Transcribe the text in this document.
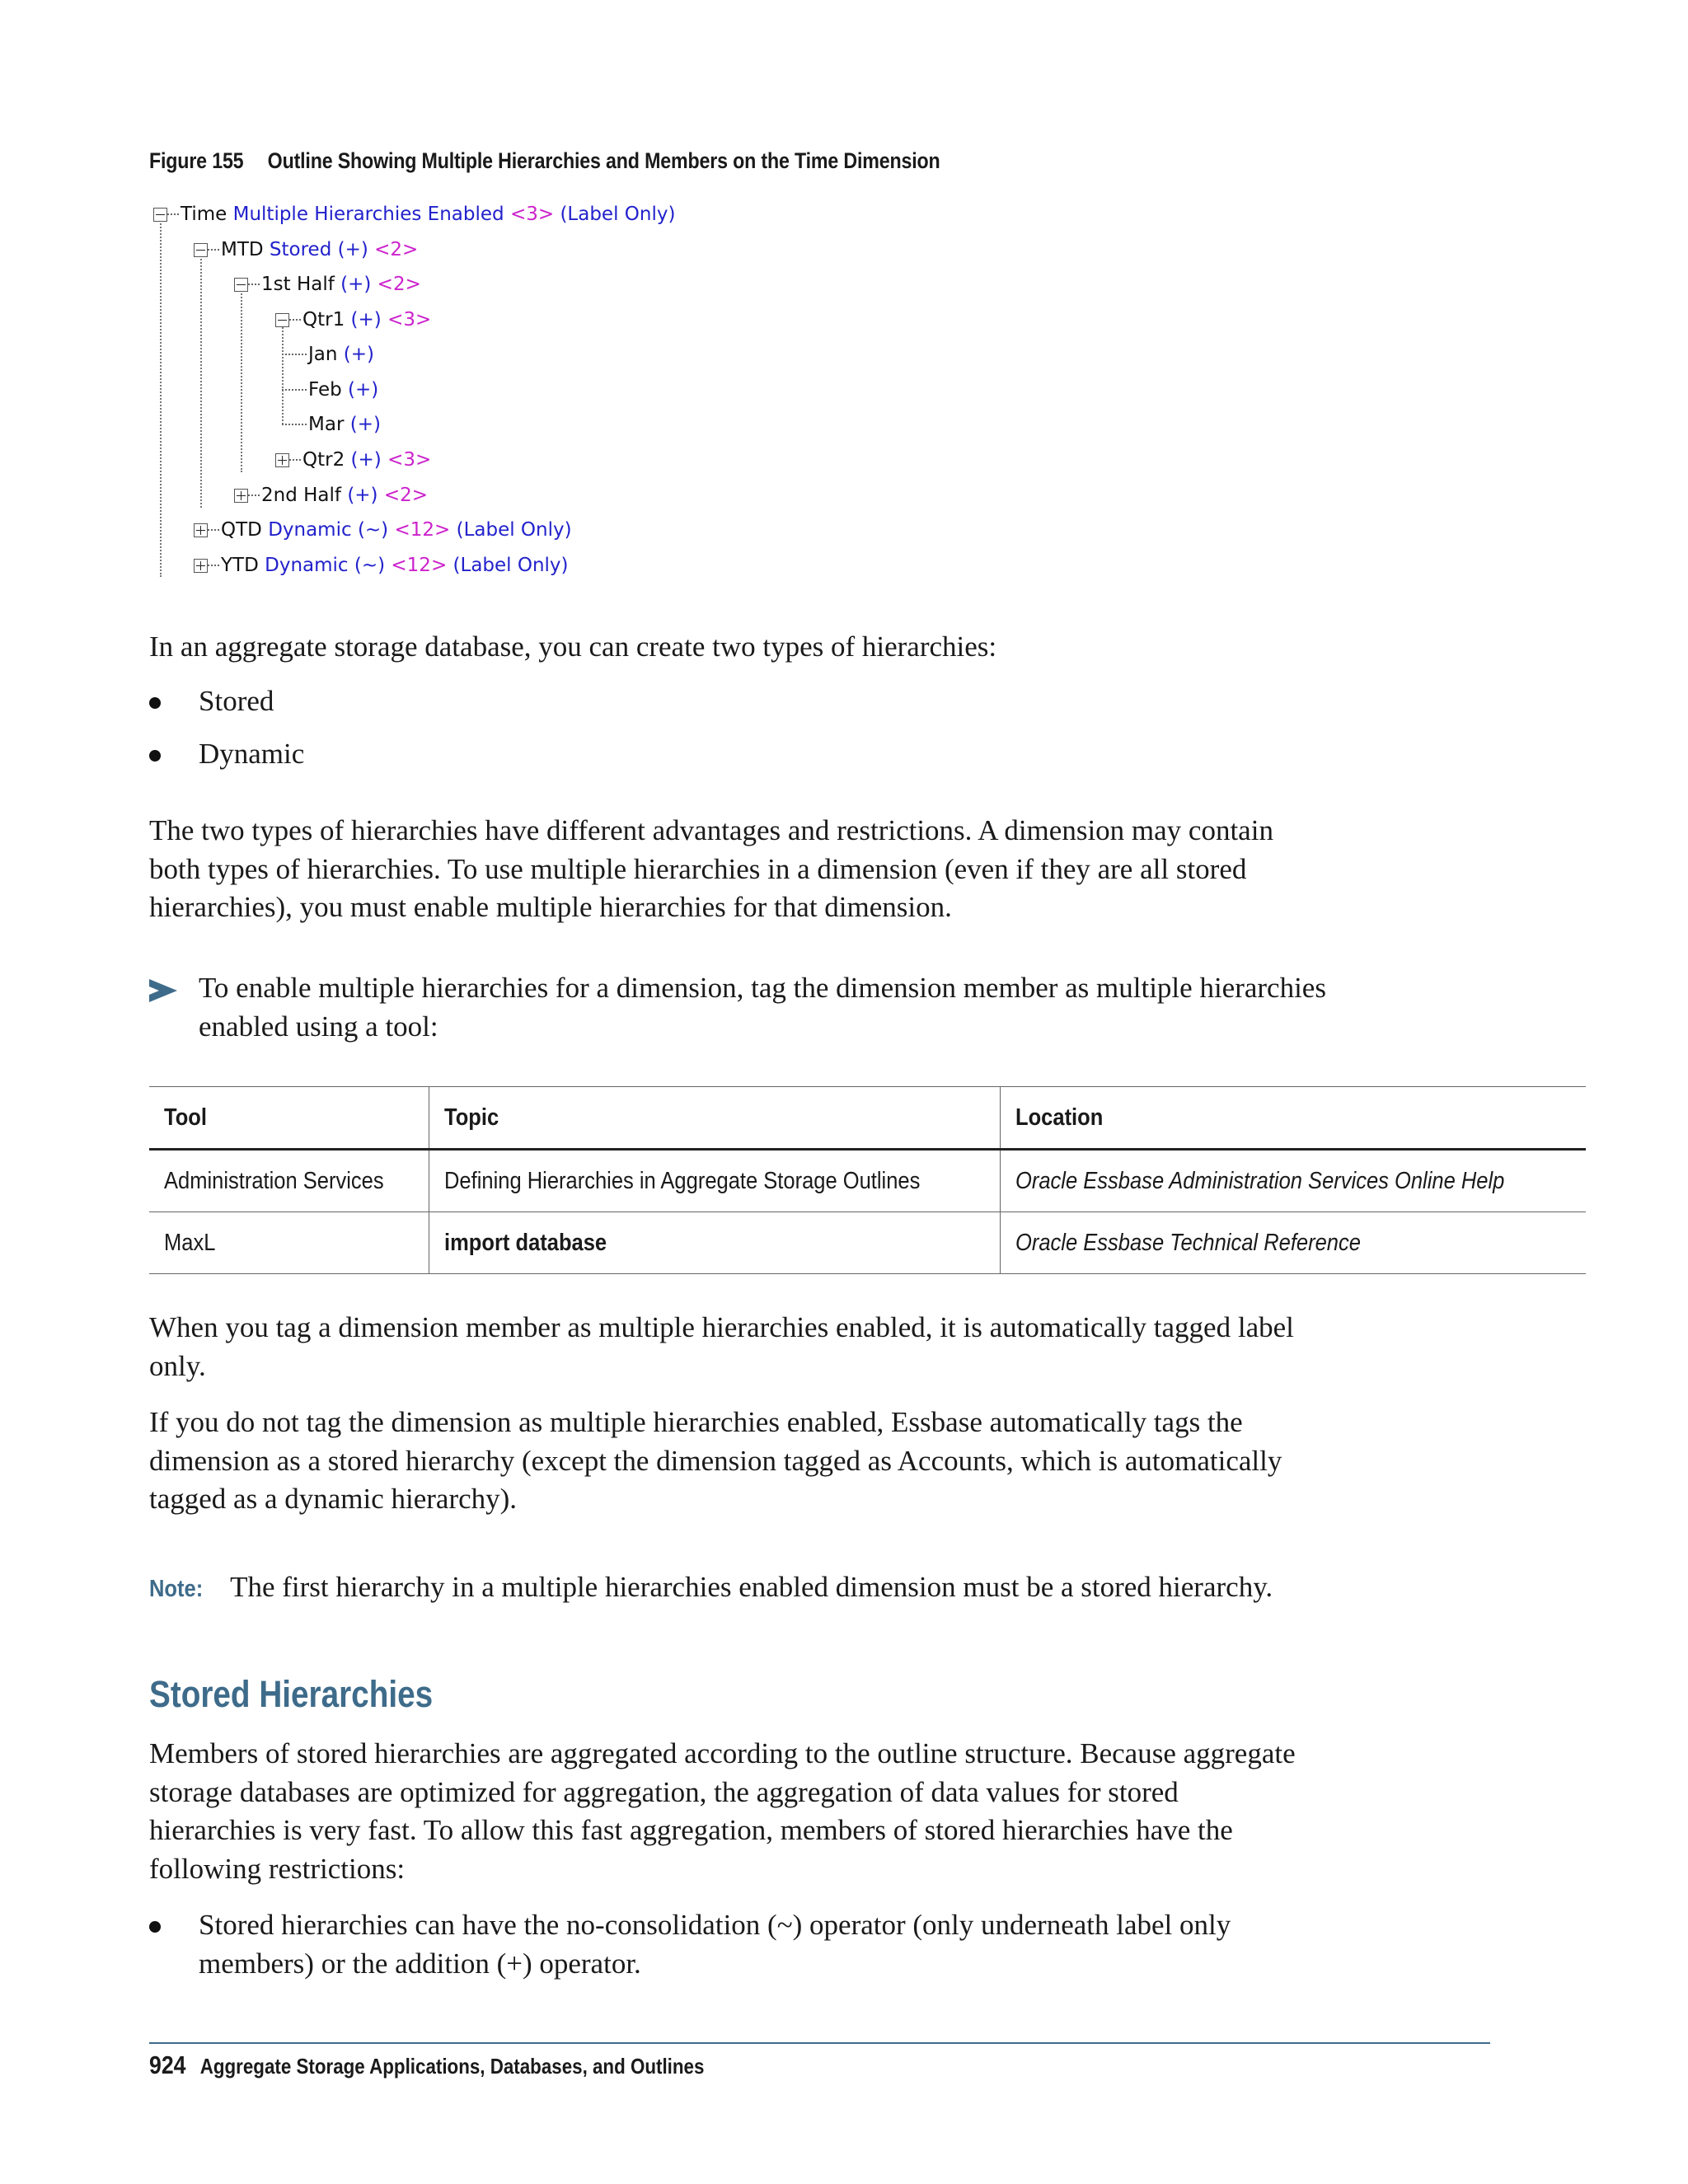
Figure 155 Outline Showing Multiple Hierarchies and Members on the Time Dimension
Time Multiple Hierarchies Enabled <3> (Label Only)
MTD Stored (+) <2>
1st Half (+) <2>
Qtr1 (+) <3>
Jan (+)
Feb (+)
Mar (+)
Qtr2 (+) <3>
2nd Half (+) <2>
QTD Dynamic (~) <12> (Label Only)
YTD Dynamic (~) <12> (Label Only)
In an aggregate storage database, you can create two types of hierarchies:
Stored
Dynamic
The two types of hierarchies have different advantages and restrictions. A dimension may contain both types of hierarchies. To use multiple hierarchies in a dimension (even if they are all stored hierarchies), you must enable multiple hierarchies for that dimension.
To enable multiple hierarchies for a dimension, tag the dimension member as multiple hierarchies enabled using a tool:
Tool	Topic	Location
Administration Services	Defining Hierarchies in Aggregate Storage Outlines	Oracle Essbase Administration Services Online Help
MaxL	import database	Oracle Essbase Technical Reference
When you tag a dimension member as multiple hierarchies enabled, it is automatically tagged label only.
If you do not tag the dimension as multiple hierarchies enabled, Essbase automatically tags the dimension as a stored hierarchy (except the dimension tagged as Accounts, which is automatically tagged as a dynamic hierarchy).
Note: The first hierarchy in a multiple hierarchies enabled dimension must be a stored hierarchy.
Stored Hierarchies
Members of stored hierarchies are aggregated according to the outline structure. Because aggregate storage databases are optimized for aggregation, the aggregation of data values for stored hierarchies is very fast. To allow this fast aggregation, members of stored hierarchies have the following restrictions:
Stored hierarchies can have the no-consolidation (~) operator (only underneath label only members) or the addition (+) operator.
924 Aggregate Storage Applications, Databases, and Outlines
